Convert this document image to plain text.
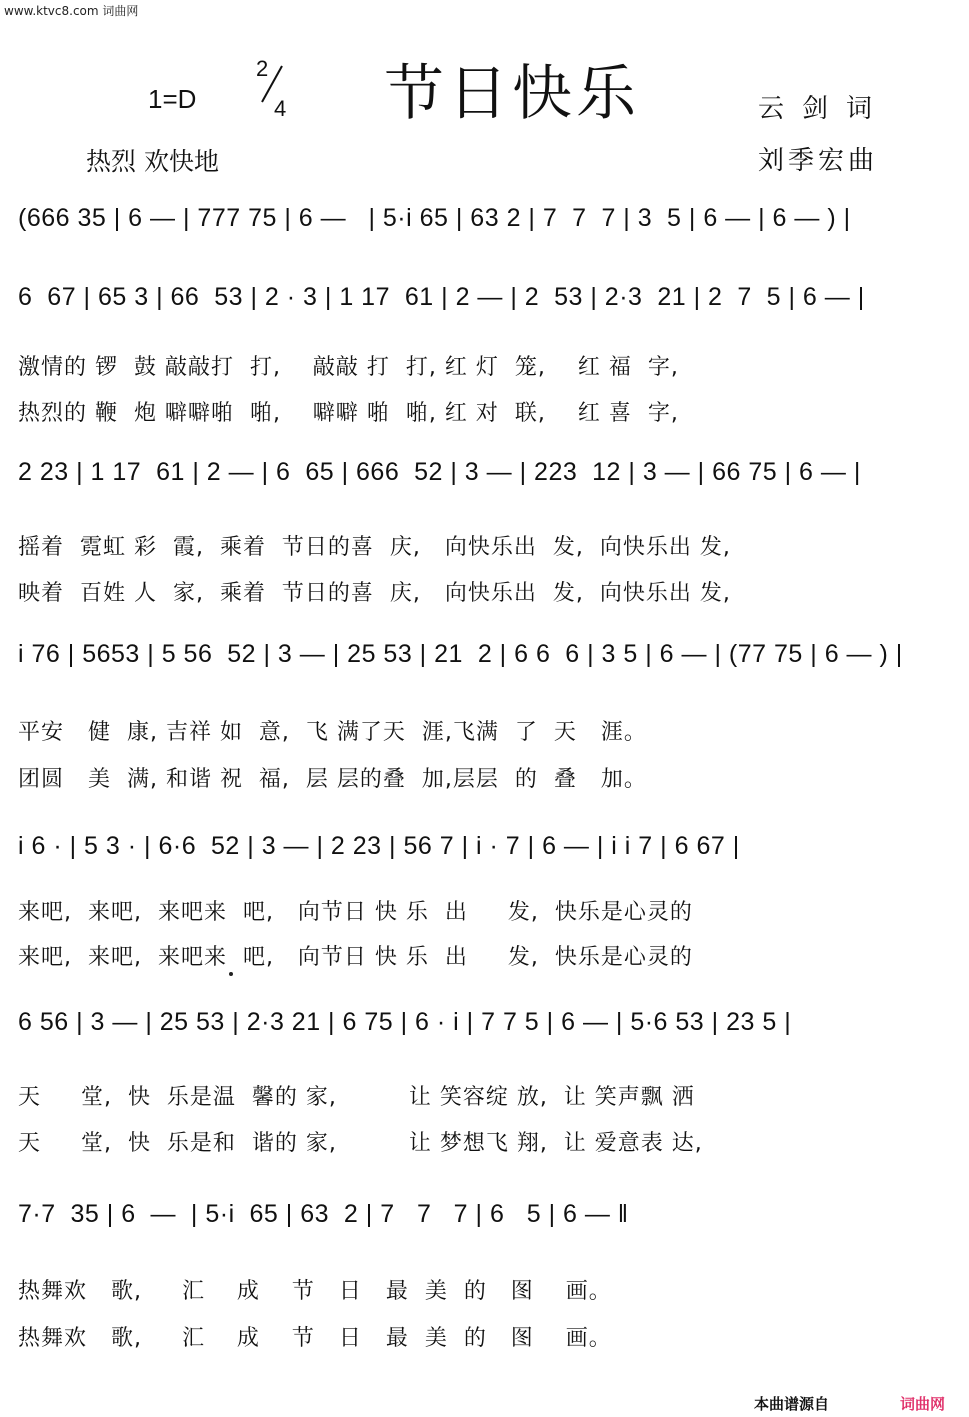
www.ktvc8.com 词曲网
1=D
2
4 节日快乐	云剑词
刘季宏曲
热烈 欢快地
(666 35 | 6 — | 777 75 | 6 —   | 5·i 65 | 63 2 | 7  7  7 | 3  5 | 6 — | 6 — ) |
6  67 | 65 3 | 66  53 | 2 · 3 | 1 17  61 | 2 — | 2  53 | 2·3  21 | 2  7  5 | 6 — |
激情的 锣  鼓 敲敲打  打,    敲敲 打  打, 红 灯  笼,    红 福  字,
热烈的 鞭  炮 噼噼啪  啪,    噼噼 啪  啪, 红 对  联,    红 喜  字,
2 23 | 1 17  61 | 2 — | 6  65 | 666  52 | 3 — | 223  12 | 3 — | 66 75 | 6 — |
摇着  霓虹 彩  霞,  乘着  节日的喜  庆,   向快乐出  发,  向快乐出 发,
映着  百姓 人  家,  乘着  节日的喜  庆,   向快乐出  发,  向快乐出 发,
i 76 | 5653 | 5 56  52 | 3 — | 25 53 | 21  2 | 6 6  6 | 3 5 | 6 — | (77 75 | 6 — ) |
平安   健  康, 吉祥 如  意,  飞 满了天  涯,飞满  了  天   涯。
团圆   美  满, 和谐 祝  福,  层 层的叠  加,层层  的  叠   加。
i 6 · | 5 3 · | 6·6  52 | 3 — | 2 23 | 56 7 | i · 7 | 6 — | i i 7 | 6 67 |
来吧,  来吧,  来吧来  吧,   向节日 快 乐  出     发,  快乐是心灵的
来吧,  来吧,  来吧来  吧,   向节日 快 乐  出     发,  快乐是心灵的
6 56 | 3 — | 25 53 | 2·3 21 | 6 75 | 6 · i | 7 7 5 | 6 — | 5·6 53 | 23 5 |
天     堂,  快  乐是温  馨的 家,         让 笑容绽 放,  让 笑声飘 洒
天     堂,  快  乐是和  谐的 家,         让 梦想飞 翔,  让 爱意表 达,
7·7  35 | 6  —  | 5·i  65 | 63  2 | 7   7   7 | 6   5 | 6 — ‖
热舞欢   歌,     汇    成    节   日   最  美  的   图    画。
热舞欢   歌,     汇    成    节   日   最  美  的   图    画。
本曲谱源自	词曲网
